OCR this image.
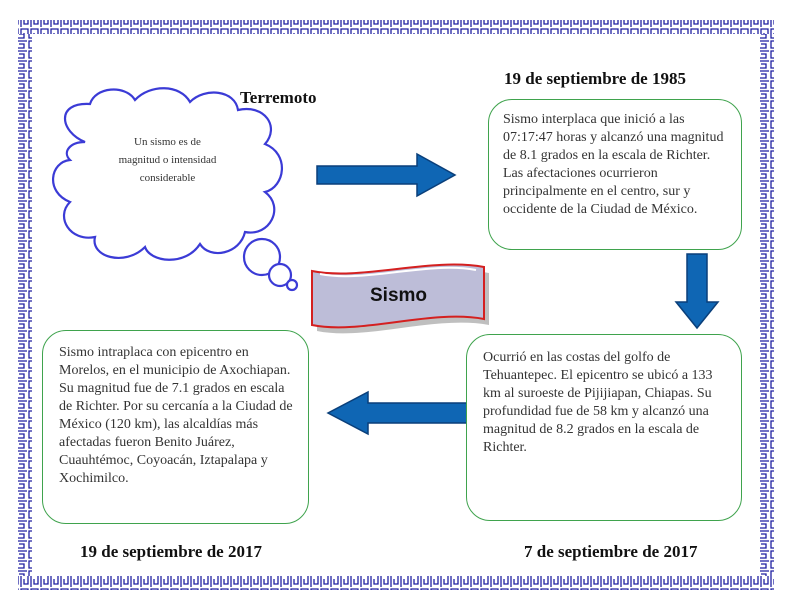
Terremoto
Un sismo es de magnitud o intensidad considerable
Sismo
19 de septiembre de 1985

Sismo interplaca que inició a las 07:17:47 horas y alcanzó una magnitud de 8.1 grados en la escala de Richter. Las afectaciones ocurrieron principalmente en el centro, sur y occidente de la Ciudad de México.

Ocurrió en las costas del golfo de Tehuantepec. El epicentro se ubicó a 133 km al suroeste de Pijijiapan, Chiapas. Su profundidad fue de 58 km y alcanzó una magnitud de 8.2 grados en la escala de Richter.

7 de septiembre de 2017

Sismo intraplaca con epicentro en Morelos, en el municipio de Axochiapan. Su magnitud fue de 7.1 grados en escala de Richter. Por su cercanía a la Ciudad de México (120 km), las alcaldías más afectadas fueron Benito Juárez, Cuauhtémoc, Coyoacán, Iztapalapa y Xochimilco.

19 de septiembre de 2017
